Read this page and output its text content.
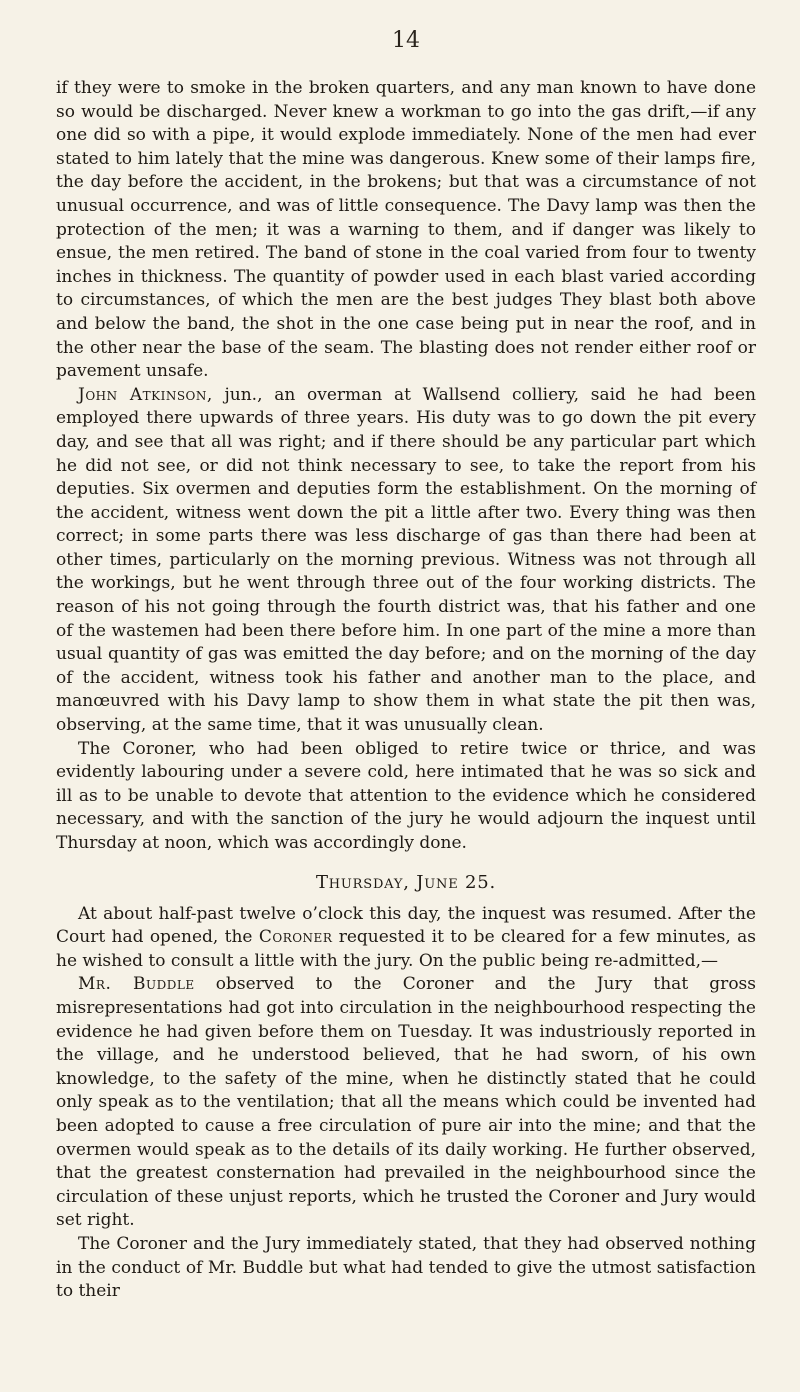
14

if they were to smoke in the broken quarters, and any man known to have done so would be discharged. Never knew a workman to go into the gas drift,—if any one did so with a pipe, it would explode immediately. None of the men had ever stated to him lately that the mine was dangerous. Knew some of their lamps fire, the day before the accident, in the brokens; but that was a circumstance of not unusual occurrence, and was of little consequence. The Davy lamp was then the protection of the men; it was a warning to them, and if danger was likely to ensue, the men retired. The band of stone in the coal varied from four to twenty inches in thickness. The quantity of powder used in each blast varied according to circumstances, of which the men are the best judges They blast both above and below the band, the shot in the one case being put in near the roof, and in the other near the base of the seam. The blasting does not render either roof or pavement unsafe.

John Atkinson, jun., an overman at Wallsend colliery, said he had been employed there upwards of three years. His duty was to go down the pit every day, and see that all was right; and if there should be any particular part which he did not see, or did not think necessary to see, to take the report from his deputies. Six overmen and deputies form the establishment. On the morning of the accident, witness went down the pit a little after two. Every thing was then correct; in some parts there was less discharge of gas than there had been at other times, particularly on the morning previous. Witness was not through all the workings, but he went through three out of the four working districts. The reason of his not going through the fourth district was, that his father and one of the wastemen had been there before him. In one part of the mine a more than usual quantity of gas was emitted the day before; and on the morning of the day of the accident, witness took his father and another man to the place, and manœuvred with his Davy lamp to show them in what state the pit then was, observing, at the same time, that it was unusually clean.

The Coroner, who had been obliged to retire twice or thrice, and was evidently labouring under a severe cold, here intimated that he was so sick and ill as to be unable to devote that attention to the evidence which he considered necessary, and with the sanction of the jury he would adjourn the inquest until Thursday at noon, which was accordingly done.

Thursday, June 25.

At about half-past twelve o’clock this day, the inquest was resumed. After the Court had opened, the Coroner requested it to be cleared for a few minutes, as he wished to consult a little with the jury. On the public being re-admitted,—

Mr. Buddle observed to the Coroner and the Jury that gross misrepresentations had got into circulation in the neighbourhood respecting the evidence he had given before them on Tuesday. It was industriously reported in the village, and he understood believed, that he had sworn, of his own knowledge, to the safety of the mine, when he distinctly stated that he could only speak as to the ventilation; that all the means which could be invented had been adopted to cause a free circulation of pure air into the mine; and that the overmen would speak as to the details of its daily working. He further observed, that the greatest consternation had prevailed in the neighbourhood since the circulation of these unjust reports, which he trusted the Coroner and Jury would set right.

The Coroner and the Jury immediately stated, that they had observed nothing in the conduct of Mr. Buddle but what had tended to give the utmost satisfaction to their
